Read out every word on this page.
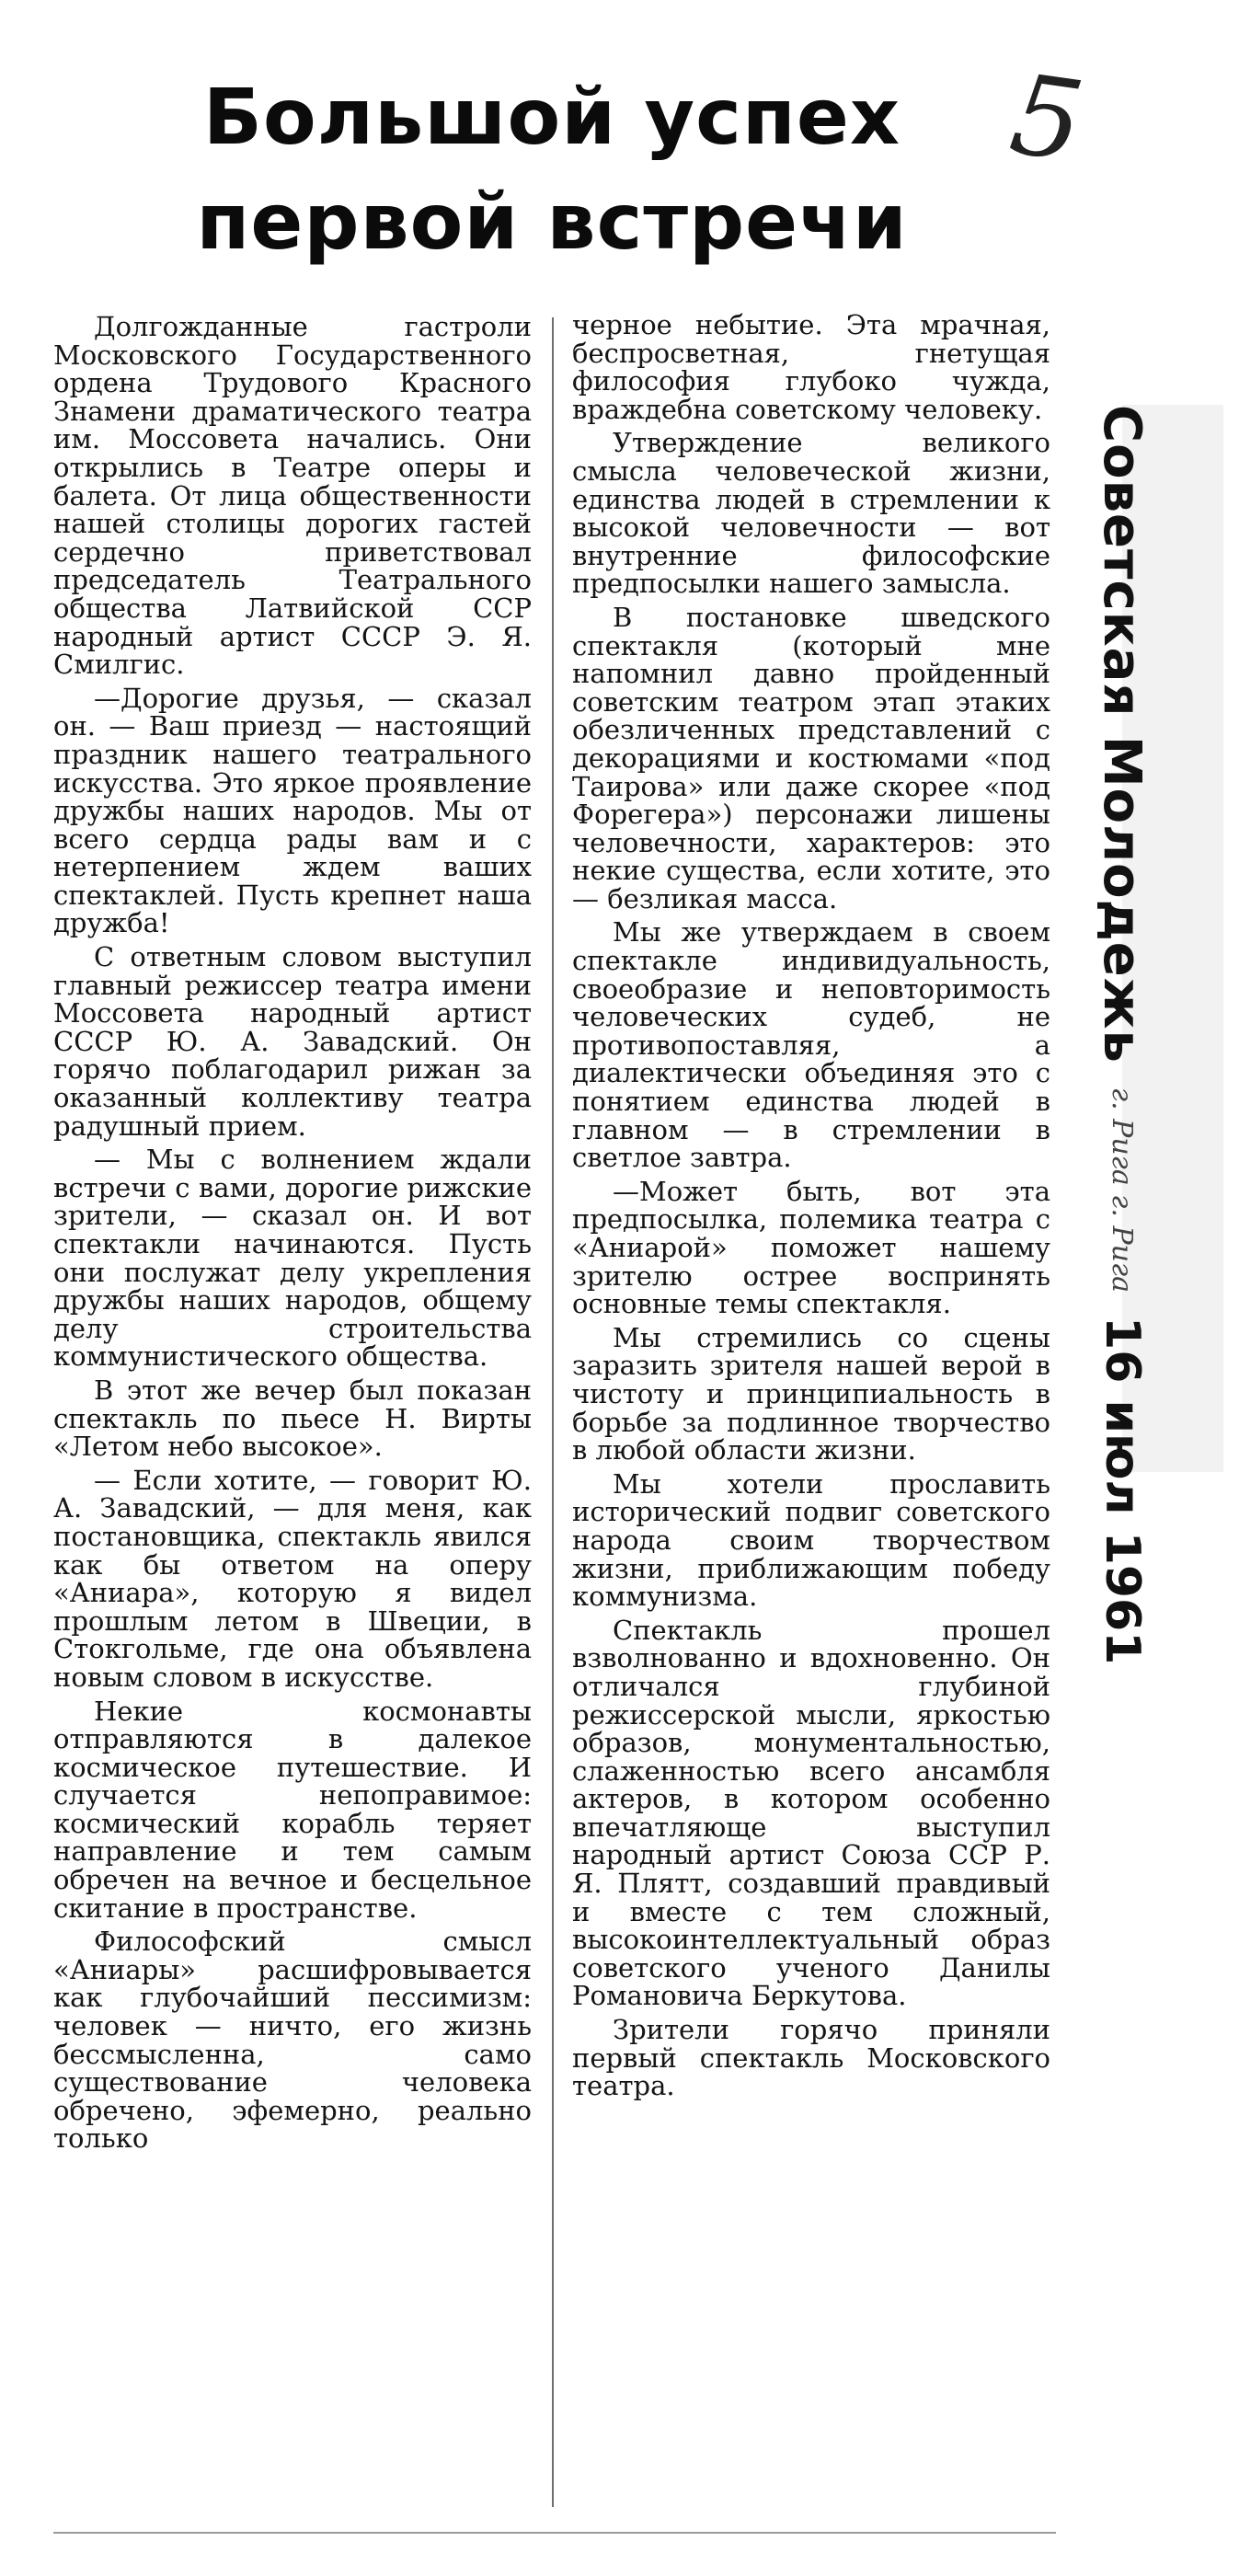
Большой успех
первой встречи
5

Долгожданные гастроли Московского Государственного ордена Трудового Красного Знамени драматического театра им. Моссовета начались. Они открылись в Театре оперы и балета. От лица общественности нашей столицы дорогих гастей сердечно приветствовал председатель Театрального общества Латвийской ССР народный артист СССР Э. Я. Смилгис.

—Дорогие друзья, — сказал он. — Ваш приезд — настоящий праздник нашего театрального искусства. Это яркое проявление дружбы наших народов. Мы от всего сердца рады вам и с нетерпением ждем ваших спектаклей. Пусть крепнет наша дружба!

С ответным словом выступил главный режиссер театра имени Моссовета народный артист СССР Ю. А. Завадский. Он горячо поблагодарил рижан за оказанный коллективу театра радушный прием.

— Мы с волнением ждали встречи с вами, дорогие рижские зрители, — сказал он. И вот спектакли начинаются. Пусть они послужат делу укрепления дружбы наших народов, общему делу строительства коммунистического общества.

В этот же вечер был показан спектакль по пьесе Н. Вирты «Летом небо высокое».

— Если хотите, — говорит Ю. А. Завадский, — для меня, как постановщика, спектакль явился как бы ответом на оперу «Аниара», которую я видел прошлым летом в Швеции, в Стокгольме, где она объявлена новым словом в искусстве.

Некие космонавты отправляются в далекое космическое путешествие. И случается непоправимое: космический корабль теряет направление и тем самым обречен на вечное и бесцельное скитание в пространстве.

Философский смысл «Аниары» расшифровывается как глубочайший пессимизм: человек — ничто, его жизнь бессмысленна, само существование человека обречено, эфемерно, реально только

черное небытие. Эта мрачная, беспросветная, гнетущая философия глубоко чужда, враждебна советскому человеку.

Утверждение великого смысла человеческой жизни, единства людей в стремлении к высокой человечности — вот внутренние философские предпосылки нашего замысла.

В постановке шведского спектакля (который мне напомнил давно пройденный советским театром этап этаких обезличенных представлений с декорациями и костюмами «под Таирова» или даже скорее «под Форегера») персонажи лишены человечности, характеров: это некие существа, если хотите, это — безликая масса.

Мы же утверждаем в своем спектакле индивидуальность, своеобразие и неповторимость человеческих судеб, не противопоставляя, а диалектически объединяя это с понятием единства людей в главном — в стремлении в светлое завтра.

—Может быть, вот эта предпосылка, полемика театра с «Аниарой» поможет нашему зрителю острее воспринять основные темы спектакля.

Мы стремились со сцены заразить зрителя нашей верой в чистоту и принципиальность в борьбе за подлинное творчество в любой области жизни.

Мы хотели прославить исторический подвиг советского народа своим творчеством жизни, приближающим победу коммунизма.

Спектакль прошел взволнованно и вдохновенно. Он отличался глубиной режиссерской мысли, яркостью образов, монументальностью, слаженностью всего ансамбля актеров, в котором особенно впечатляюще выступил народный артист Союза ССР Р. Я. Плятт, создавший правдивый и вместе с тем сложный, высокоинтеллектуальный образ советского ученого Данилы Романовича Беркутова.

Зрители горячо приняли первый спектакль Московского театра.

Советская Молодежь
г. Рига г. Рига
16 июл 1961
